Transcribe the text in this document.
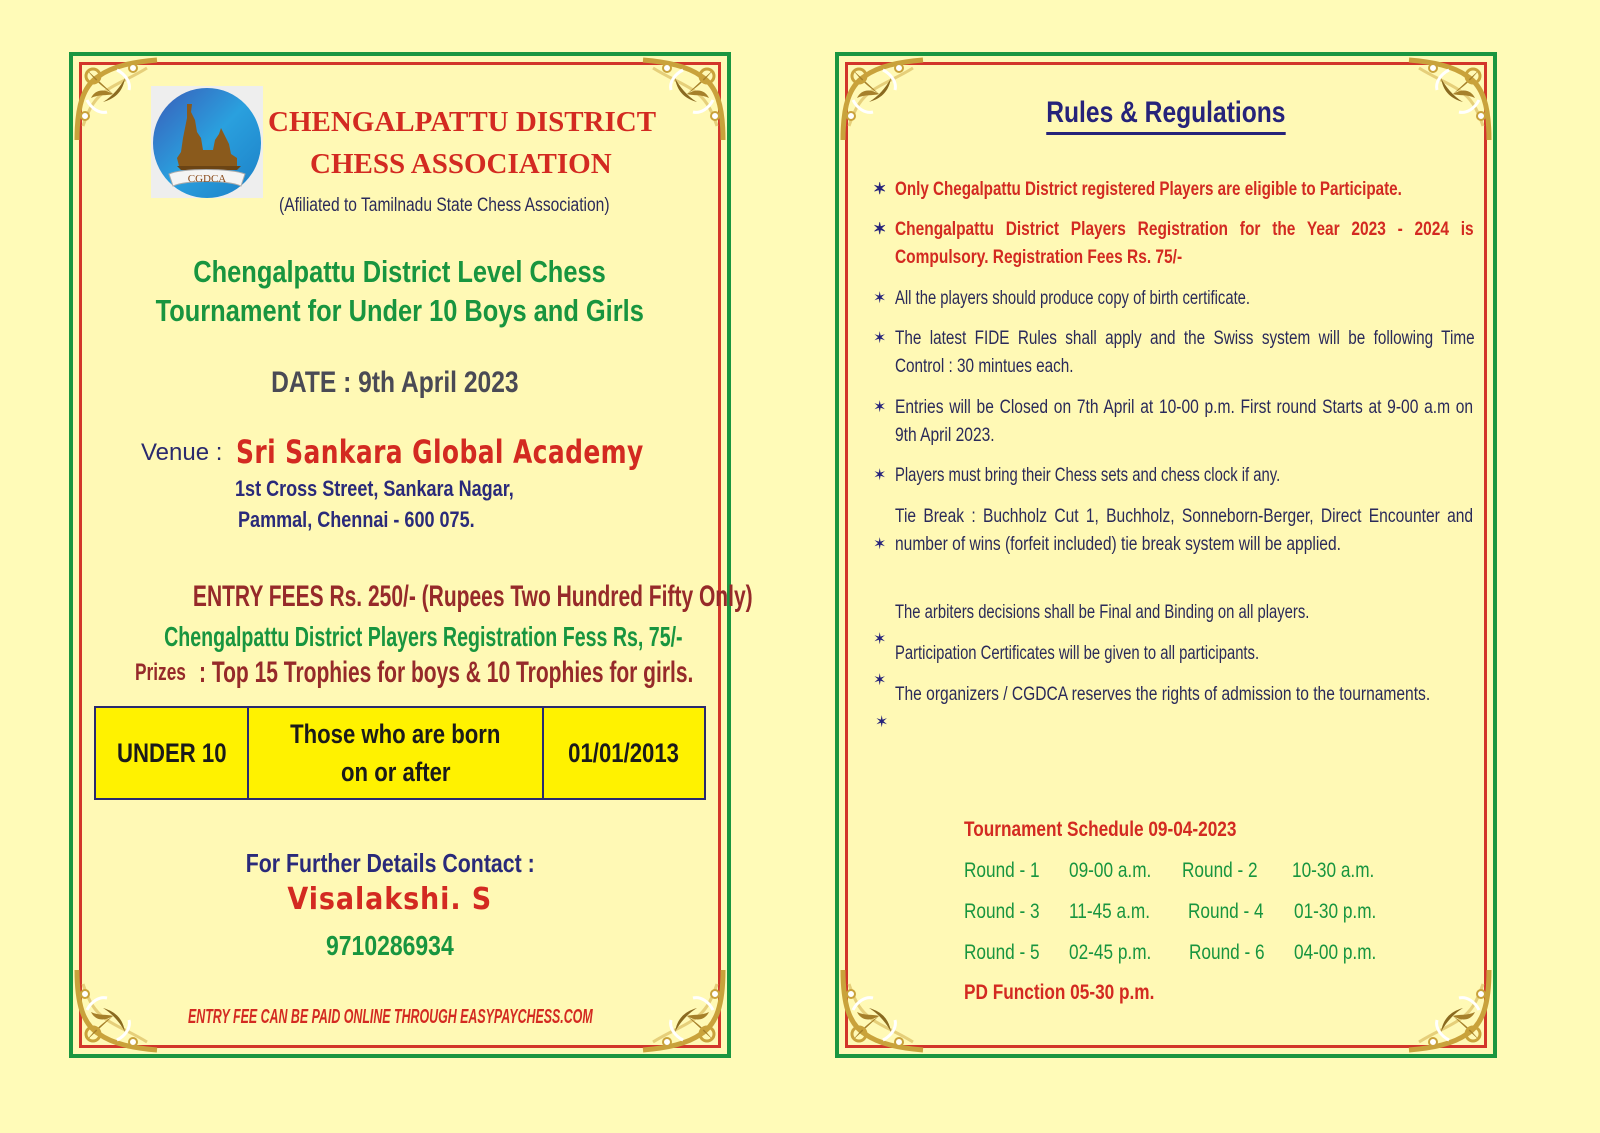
CGDCA
CHENGALPATTU DISTRICT
CHESS ASSOCIATION
(Afiliated to Tamilnadu State Chess Association)
Chengalpattu District Level Chess
Tournament for Under 10 Boys and Girls
DATE : 9th April 2023
Venue : Sri Sankara Global Academy
1st Cross Street, Sankara Nagar,
Pammal, Chennai - 600 075.
ENTRY FEES Rs. 250/- (Rupees Two Hundred Fifty Only)
Chengalpattu District Players Registration Fess Rs, 75/-
Prizes : Top 15 Trophies for boys & 10 Trophies for girls.
UNDER 10
Those who are born
on or after
01/01/2013
For Further Details Contact :
Visalakshi. S
9710286934
ENTRY FEE CAN BE PAID ONLINE THROUGH EASYPAYCHESS.COM
Rules & Regulations
✶ Only Chegalpattu District registered Players are eligible to Participate.
✶ Chengalpattu District Players Registration for the Year 2023 - 2024 is Compulsory. Registration Fees Rs. 75/-
✶ All the players should produce copy of birth certificate.
✶ The latest FIDE Rules shall apply and the Swiss system will be following Time Control : 30 mintues each.
✶ Entries will be Closed on 7th April at 10-00 p.m. First round Starts at 9-00 a.m on 9th April 2023.
✶ Players must bring their Chess sets and chess clock if any.
✶
Tie Break : Buchholz Cut 1, Buchholz, Sonneborn-Berger, Direct Encounter and number of wins (forfeit included) tie break system will be applied.
The arbiters decisions shall be Final and Binding on all players.
✶
Participation Certificates will be given to all participants.
✶
✶
The organizers / CGDCA reserves the rights of admission to the tournaments.
Tournament Schedule 09-04-2023
Round - 1 09-00 a.m. Round - 2 10-30 a.m.
Round - 3 11-45 a.m. Round - 4 01-30 p.m.
Round - 5 02-45 p.m. Round - 6 04-00 p.m.
PD Function 05-30 p.m.
